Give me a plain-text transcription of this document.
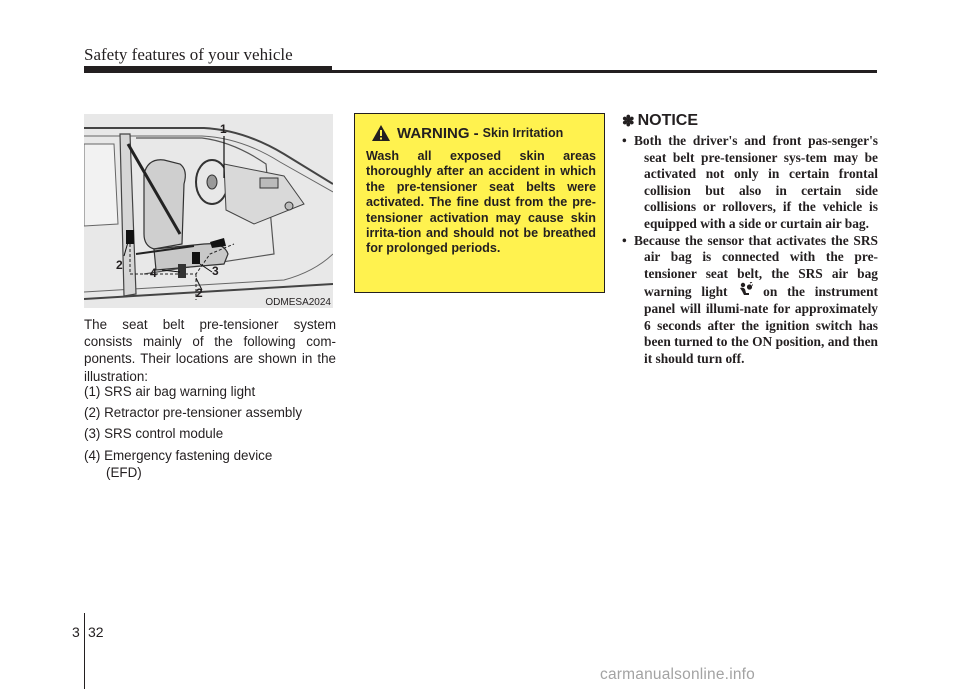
Safety features of your vehicle
1
2
4	3
2
ODMESA2024
The seat belt pre-tensioner system consists mainly of the following com-ponents. Their locations are shown in the illustration:
(1) SRS air bag warning light
(2) Retractor pre-tensioner assembly
(3) SRS control module
(4) Emergency fastening device
(EFD)
WARNING - Skin Irritation
Wash all exposed skin areas thoroughly after an accident in which the pre-tensioner seat belts were activated. The fine dust from the pre-tensioner activation may cause skin irrita-tion and should not be breathed for prolonged periods.
✽ NOTICE
• Both the driver's and front pas-senger's seat belt pre-tensioner sys-tem may be activated not only in certain frontal collision but also in certain side collisions or rollovers, if the vehicle is equipped with a side or curtain air bag.
• Because the sensor that activates the SRS air bag is connected with the pre-tensioner seat belt, the SRS air bag warning light	on the instrument panel will illumi-nate for approximately 6 seconds after the ignition switch has been turned to the ON position, and then it should turn off.
3 32
carmanualsonline.info
